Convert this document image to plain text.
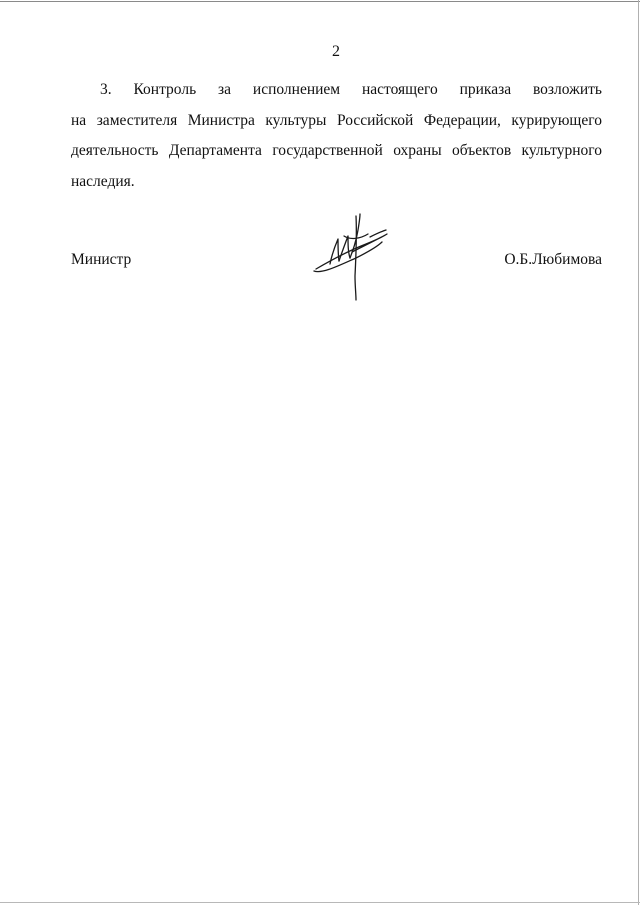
2
3. Контроль за исполнением настоящего приказа возложить
на заместителя Министра культуры Российской Федерации, курирующего
деятельность Департамента государственной охраны объектов культурного
наследия.
Министр	О.Б.Любимова
